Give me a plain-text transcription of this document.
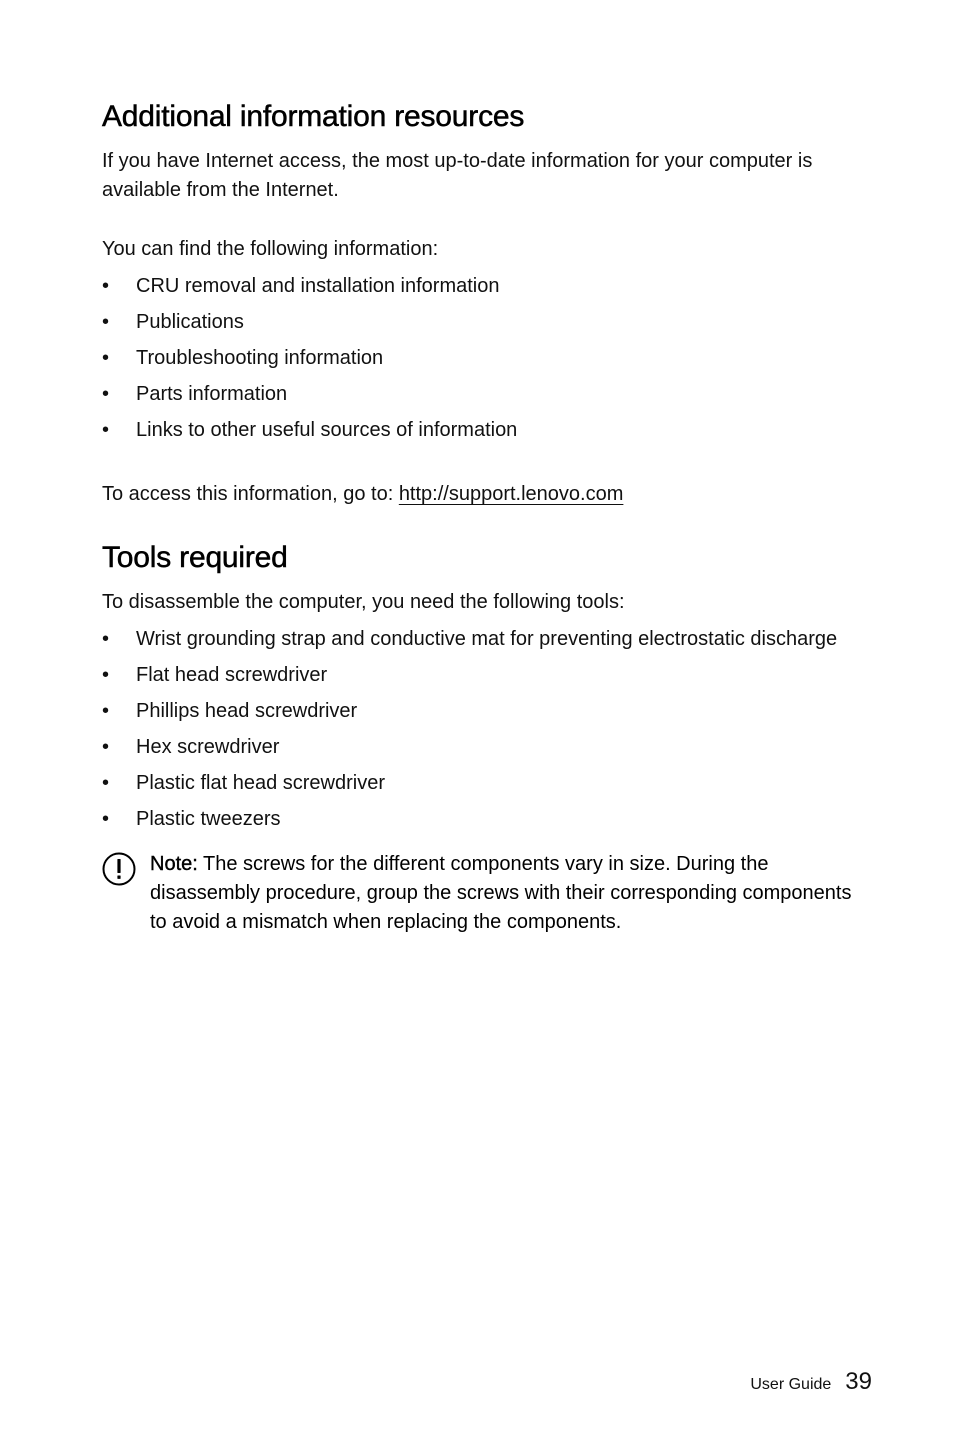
Additional information resources

If you have Internet access, the most up-to-date information for your computer is available from the Internet.

You can find the following information:

• CRU removal and installation information
• Publications
• Troubleshooting information
• Parts information
• Links to other useful sources of information

To access this information, go to: http://support.lenovo.com

Tools required

To disassemble the computer, you need the following tools:

• Wrist grounding strap and conductive mat for preventing electrostatic discharge
• Flat head screwdriver
• Phillips head screwdriver
• Hex screwdriver
• Plastic flat head screwdriver
• Plastic tweezers
Note: The screws for the different components vary in size. During the disassembly procedure, group the screws with their corresponding components to avoid a mismatch when replacing the components.
User Guide 39
